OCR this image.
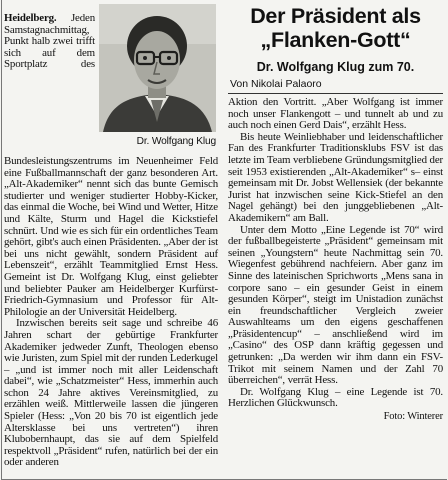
Dr. Wolfgang Klug

Heidelberg. Jeden Samstagnachmittag, Punkt halb zwei trifft sich auf dem Sportplatz des Bundesleistungszentrums im Neuenheimer Feld eine Fußballmannschaft der ganz besonderen Art. „Alt-Akademiker“ nennt sich das bunte Gemisch studierter und weniger studierter Hobby-Kicker, das einmal die Woche, bei Wind und Wetter, Hitze und Kälte, Sturm und Hagel die Kickstiefel schnürt. Und wie es sich für ein ordentliches Team gehört, gibt's auch einen Präsidenten. „Aber der ist bei uns nicht gewählt, sondern Präsident auf Lebenszeit“, erzählt Teammitglied Ernst Hess. Gemeint ist Dr. Wolfgang Klug, einst geliebter und beliebter Pauker am Heidelberger Kurfürst-Friedrich-Gymnasium und Professor für Alt-Philologie an der Universität Heidelberg.

Inzwischen bereits seit sage und schreibe 46 Jahren schart der gebürtige Frankfurter Akademiker jedweder Zunft, Theologen ebenso wie Juristen, zum Spiel mit der runden Lederkugel – „und ist immer noch mit aller Leidenschaft dabei“, wie „Schatzmeister“ Hess, immerhin auch schon 24 Jahre aktives Vereinsmitglied, zu erzählen weiß. Mittlerweile lassen die jüngeren Spieler (Hess: „Von 20 bis 70 ist eigentlich jede Altersklasse bei uns vertreten“) ihren Klubobernhaupt, das sie auf dem Spielfeld respektvoll „Präsident“ rufen, natürlich bei der ein oder anderen

Der Präsident als
„Flanken-Gott“
Dr. Wolfgang Klug zum 70.
Von Nikolai Palaoro

Aktion den Vortritt. „Aber Wolfgang ist immer noch unser Flankengott – und tunnelt ab und zu auch noch einen Gerd Dais“, erzählt Hess.

Bis heute Weinliebhaber und leidenschaftlicher Fan des Frankfurter Traditionsklubs FSV ist das letzte im Team verbliebene Gründungsmitglied der seit 1953 existierenden „Alt-Akademiker“ s– einst gemeinsam mit Dr. Jobst Wellensiek (der bekannte Jurist hat inzwischen seine Kick-Stiefel an den Nagel gehängt) bei den junggebliebenen „Alt-Akademikern“ am Ball.

Unter dem Motto „Eine Legende ist 70“ wird der fußballbegeisterte „Präsident“ gemeinsam mit seinen „Youngstern“ heute Nachmittag sein 70. Wiegenfest gebührend nachfeiern. Aber ganz im Sinne des lateinischen Sprichworts „Mens sana in corpore sano – ein gesunder Geist in einem gesunden Körper“, steigt im Unistadion zunächst ein freundschaftlicher Vergleich zweier Auswahlteams um den eigens geschaffenen „Präsidentencup“ – anschließend wird im „Casino“ des OSP dann kräftig gegessen und getrunken: „Da werden wir ihm dann ein FSV-Trikot mit seinem Namen und der Zahl 70 überreichen“, verrät Hess.

Dr. Wolfgang Klug – eine Legende ist 70. Herzlichen Glückwunsch.

Foto: Winterer
